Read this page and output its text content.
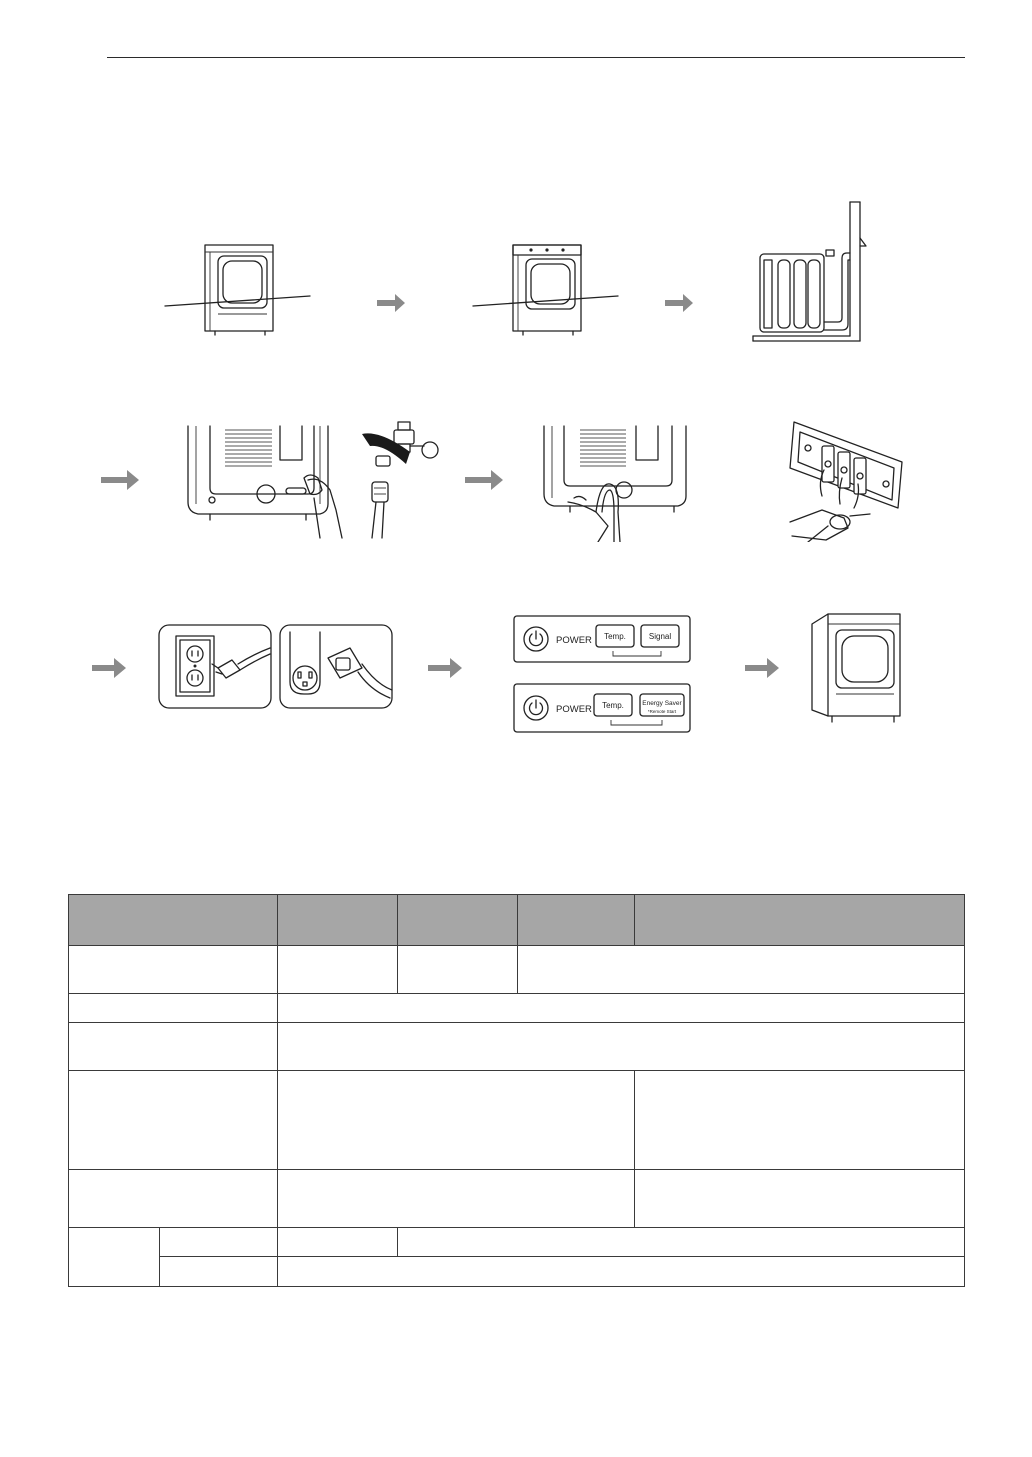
POWER Temp.	Signal
POWER Temp.	Energy Saver
*Remote Start
